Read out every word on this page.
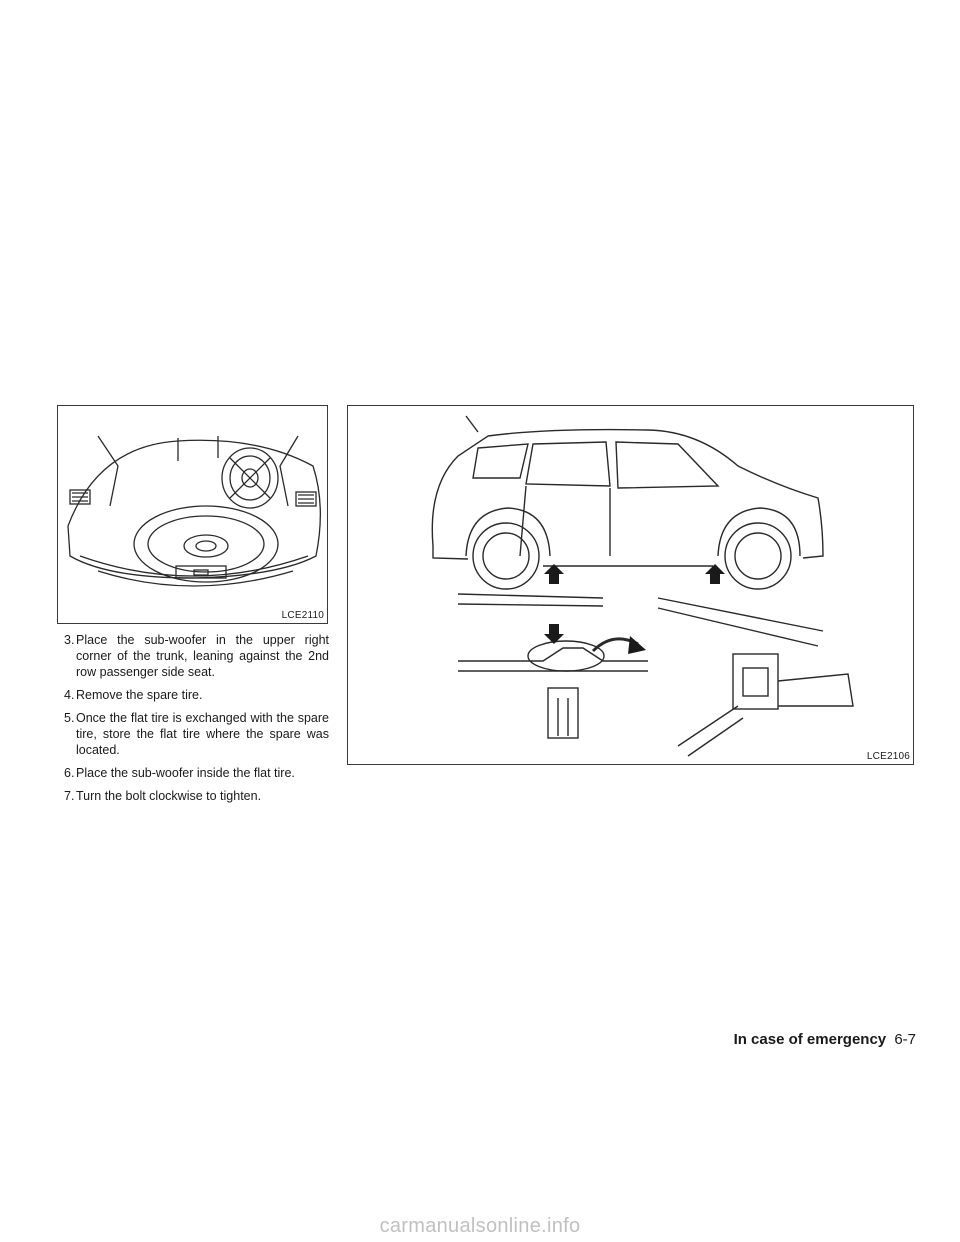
LCE2110
LCE2106
3. Place the sub-woofer in the upper right corner of the trunk, leaning against the 2nd row passenger side seat.
4. Remove the spare tire.
5. Once the flat tire is exchanged with the spare tire, store the flat tire where the spare was located.
6. Place the sub-woofer inside the flat tire.
7. Turn the bolt clockwise to tighten.
In case of emergency 6-7
carmanualsonline.info
